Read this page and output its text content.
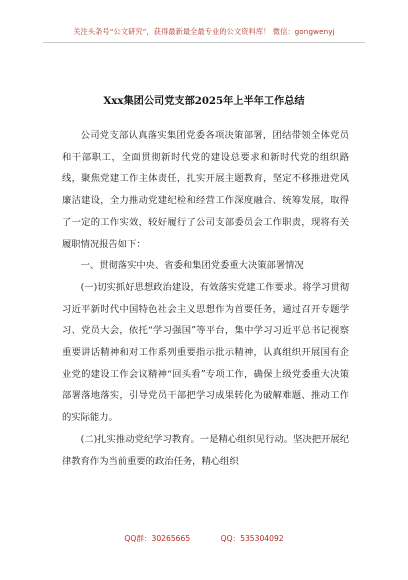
关注头条号“公文研究”，获得最新最全最专业的公文资料库！ 微信：gongwenyj
Xxx集团公司党支部2025年上半年工作总结

公司党支部认真落实集团党委各项决策部署，团结带领全体党员和干部职工，全面贯彻新时代党的建设总要求和新时代党的组织路线，聚焦党建工作主体责任，扎实开展主题教育，坚定不移推进党风廉洁建设，全力推动党建纪检和经营工作深度融合、统筹发展，取得了一定的工作实效，较好履行了公司支部委员会工作职责，现将有关履职情况报告如下：

一、贯彻落实中央、省委和集团党委重大决策部署情况

(一)切实抓好思想政治建设，有效落实党建工作要求。将学习贯彻习近平新时代中国特色社会主义思想作为首要任务，通过召开专题学习、党员大会，依托“学习强国”等平台，集中学习习近平总书记视察重要讲话精神和对工作系列重要指示批示精神，认真组织开展国有企业党的建设工作会议精神“回头看”专项工作，确保上级党委重大决策部署落地落实，引导党员干部把学习成果转化为破解难题、推动工作的实际能力。

(二)扎实推动党纪学习教育。一是精心组织见行动。坚决把开展纪律教育作为当前重要的政治任务，精心组织

QQ群：30265665	QQ：535304092
